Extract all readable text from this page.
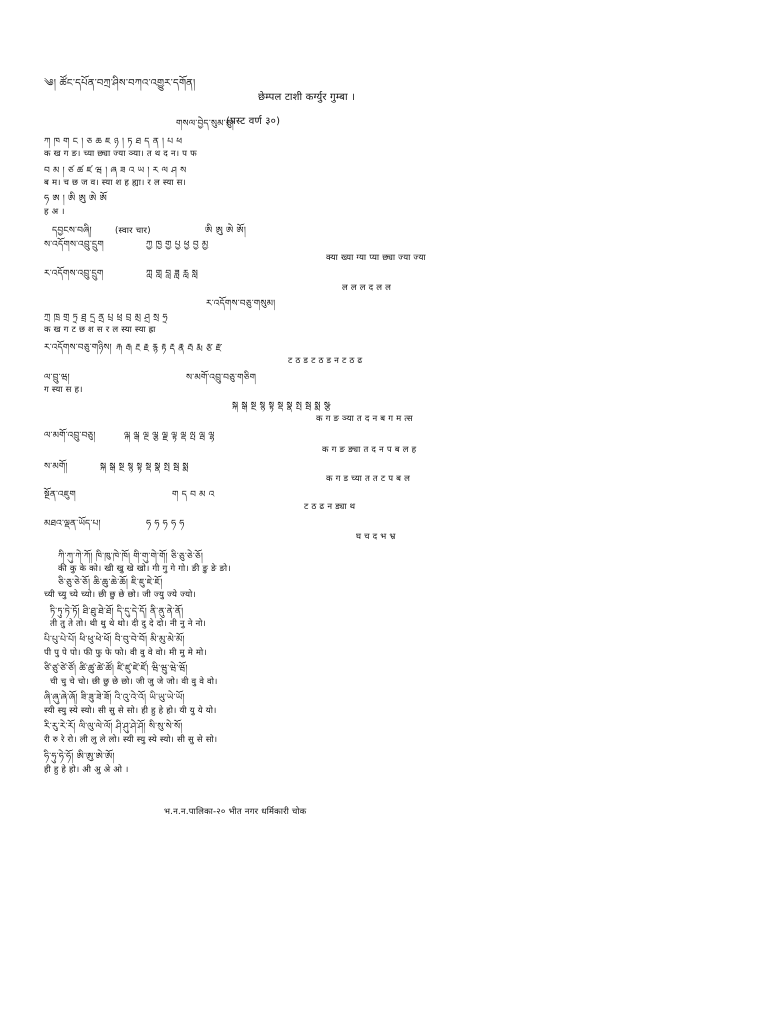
༄། ཚོང་དཔོན་བཀྲ་ཤིས་བཀའ་འགྱུར་དགོན།
छेम्पल टाशी कर्ग्युर गुम्बा ।
གསལ་བྱེད་སུམ་ཅུ།
(प्रस्ट वर्ण ३०)
ཀ ཁ ག ང ། ཅ ཆ ཇ ཉ ། ཏ ཐ ད ན ། པ ཕ
क ख ग ङ। च्या छ्या ज्या ञ्या। त थ द न। प फ
བ མ ། ཙ ཚ ཛ ཝ ། ཞ ཟ འ ཡ ། ར ལ ཤ ས
ब म। च छ ज व। स्या श ह ह्या। र ल स्या स।
ཧ ཨ ། ཨི ཨུ ཨེ ཨོ
ह अ ।
དབྱངས་བཞི།	(स्वार चार)	ཨི ཨུ ཨེ ཨོ།
ས་འདོགས་འབྲུ་དྲུག	ཀྱ ཁྱ གྱ པྱ ཕྱ བྱ མྱ
क्या ख्या ग्या प्या छ्या ज्या ज्या
ར་འདོགས་འབྲུ་དྲུག	ཀླ གླ བླ ཟླ རླ སླ
ल ल ल द ल ल
ར་འདོགས་བཅུ་གསུམ།
ཀྲ ཁྲ གྲ ཏྲ ཐྲ དྲ ནྲ པྲ ཕྲ བྲ མྲ ཤྲ སྲ ཧྲ
क ख ग ट छ श स र ल स्या स्या ह्रा
ར་འདོགས་བཅུ་གཉིས། རྐ རྒ རྔ རྗ རྙ རྟ རྡ རྣ རྦ རྨ རྩ རྫ
ट ठ ड ट ठ ड न ट ठ ढ
ལ་བྲུ་ཝ།
ग स्या स ह।
ས་མགོ་འབྲུ་བཅུ་གཅིག
སྐ སྒ སྔ སྙ སྟ སྡ སྣ སྤ སྦ སྨ སྩ
क ग ङ ञ्या त द न ब ग म त्स
ལ་མགོ་འབྲུ་བཅུ།	ལྐ ལྒ ལྔ ལྕ ལྗ ལྟ ལྡ ལྤ ལྦ ལྷ
क ग ङ ङ्या त द न प ब ल ह
ས་མགོ།	སྐ སྒ སྔ སྙ སྟ སྡ སྣ སྤ སྦ སྨ
क ग ड च्या त त ट प ब ल
སྔོན་འཇུག	ག ད བ མ འ
ट ठ ढ न ड्या थ
མཐའ་ལྡན་ཡོད་པ།	ཧ ཧ ཧ ཧ ཧ
घ च द भ भ्र
ཀི་ཀུ་ཀེ་ཀོ། ཁི་ཁུ་ཁེ་ཁོ། གི་གུ་གེ་གོ། ཅི་ཅུ་ཅེ་ཅོ།
की कु के को। खी खु खे खो। गी गु गे गो। ङी ङु ङे ङो।
ཅི་ཅུ་ཅེ་ཅོ། ཆི་ཆུ་ཆེ་ཆོ། ཇི་ཇུ་ཇེ་ཇོ།
च्यी च्यु च्ये च्यो। छी छु छे छो। जी ज्यु ज्ये ज्यो।
ཏི་ཏུ་ཏེ་ཏོ། ཐི་ཐུ་ཐེ་ཐོ། དི་དུ་དེ་དོ། ནི་ནུ་ནེ་ནོ།
ती तु ते तो। थी थु थे थो। दी दु दे दो। नी नु ने नो।
པི་པུ་པེ་པོ། ཕི་ཕུ་ཕེ་ཕོ། བི་བུ་བེ་བོ། མི་མུ་མེ་མོ།
पी पु पे पो। फी फु फे फो। वी वु वे वो। मी मु मे मो।
ཙི་ཙུ་ཙེ་ཙོ། ཚི་ཚུ་ཚེ་ཚོ། ཛི་ཛུ་ཛེ་ཛོ། ཝི་ཝུ་ཝེ་ཝོ།
ची चु चे चो। छी छु छे छो। जी जु जे जो। वी वु वे वो।
ཞི་ཞུ་ཞེ་ཞོ། ཟི་ཟུ་ཟེ་ཟོ། འི་འུ་འེ་འོ། ཡི་ཡུ་ཡེ་ཡོ།
स्यी स्यु स्ये स्यो। सी सु से सो। ही हु हे हो। यी यु ये यो।
རི་རུ་རེ་རོ། ལི་ལུ་ལེ་ལོ། ཤི་ཤུ་ཤེ་ཤོ། སི་སུ་སེ་སོ།
री रु रे रो। ली लु ले लो। स्यी स्यु स्ये स्यो। सी सु से सो।
ཧི་ཧུ་ཧེ་ཧོ། ཨི་ཨུ་ཨེ་ཨོ།
ही हु हे हो। अी अु अे ओ ।
भ.न.न.पालिका-२० भीत नगर धर्मिकारी चोक
